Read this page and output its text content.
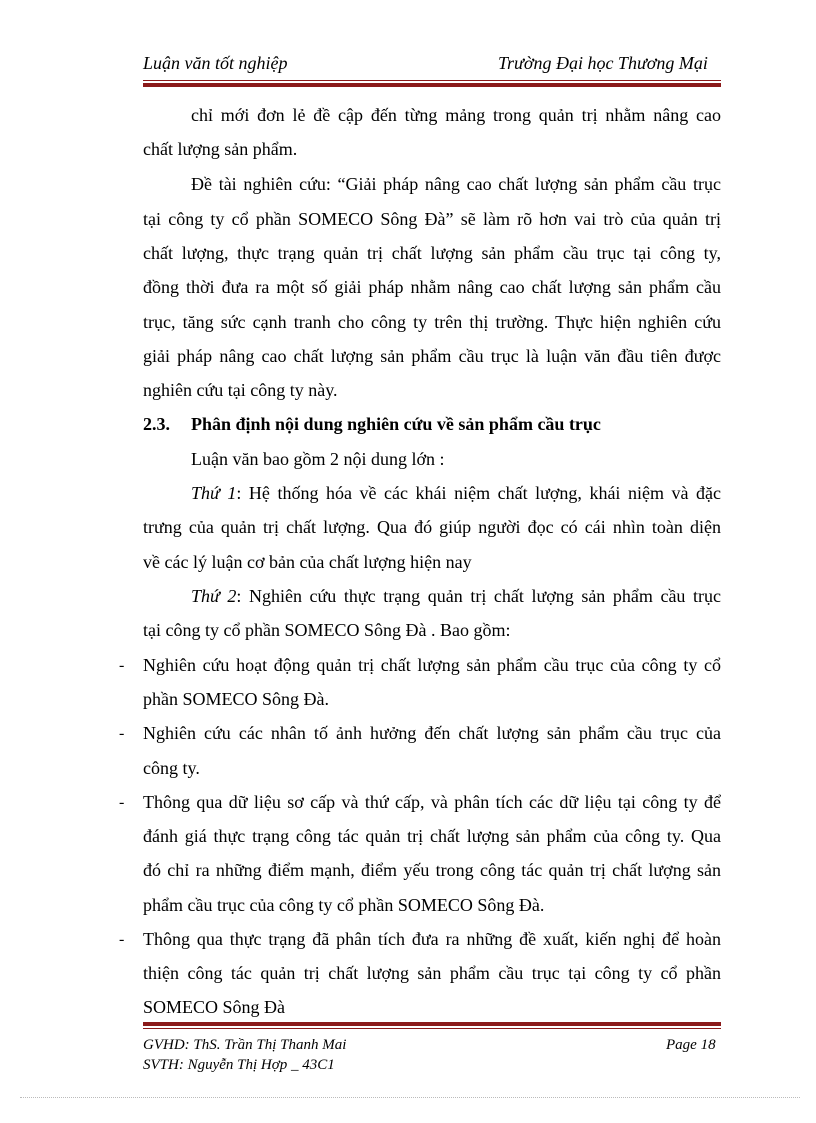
Luận văn tốt nghiệp	Trường Đại học Thương Mại
chỉ mới đơn lẻ đề cập đến từng mảng trong quản trị nhằm nâng cao
chất lượng sản phẩm.
Đề tài nghiên cứu: “Giải pháp nâng cao chất lượng sản phẩm cầu trục
tại công ty cổ phần SOMECO Sông Đà” sẽ làm rõ hơn vai trò của quản trị
chất lượng, thực trạng quản trị chất lượng sản phẩm cầu trục tại công ty,
đồng thời đưa ra một số giải pháp nhằm nâng cao chất lượng sản phẩm cầu
trục, tăng sức cạnh tranh cho công ty trên thị trường. Thực hiện nghiên cứu
giải pháp nâng cao chất lượng sản phẩm cầu trục là luận văn đầu tiên được
nghiên cứu tại công ty này.
2.3. Phân định nội dung nghiên cứu về sản phẩm cầu trục
Luận văn bao gồm 2 nội dung lớn :
Thứ 1: Hệ thống hóa về các khái niệm chất lượng, khái niệm và đặc
trưng của quản trị chất lượng. Qua đó giúp người đọc có cái nhìn toàn diện
về các lý luận cơ bản của chất lượng hiện nay
Thứ 2: Nghiên cứu thực trạng quản trị chất lượng sản phẩm cầu trục
tại công ty cổ phần SOMECO Sông Đà . Bao gồm:
- Nghiên cứu hoạt động quản trị chất lượng sản phẩm cầu trục của công ty cổ
phần SOMECO Sông Đà.
- Nghiên cứu các nhân tố ảnh hưởng đến chất lượng sản phẩm cầu trục của
công ty.
- Thông qua dữ liệu sơ cấp và thứ cấp, và phân tích các dữ liệu tại công ty để
đánh giá thực trạng công tác quản trị chất lượng sản phẩm của công ty. Qua
đó chỉ ra những điểm mạnh, điểm yếu trong công tác quản trị chất lượng sản
phẩm cầu trục của công ty cổ phần SOMECO Sông Đà.
- Thông qua thực trạng đã phân tích đưa ra những đề xuất, kiến nghị để hoàn
thiện công tác quản trị chất lượng sản phẩm cầu trục tại công ty cổ phần
SOMECO Sông Đà
GVHD: ThS. Trần Thị Thanh Mai
SVTH: Nguyễn Thị Hợp _ 43C1
Page 18
